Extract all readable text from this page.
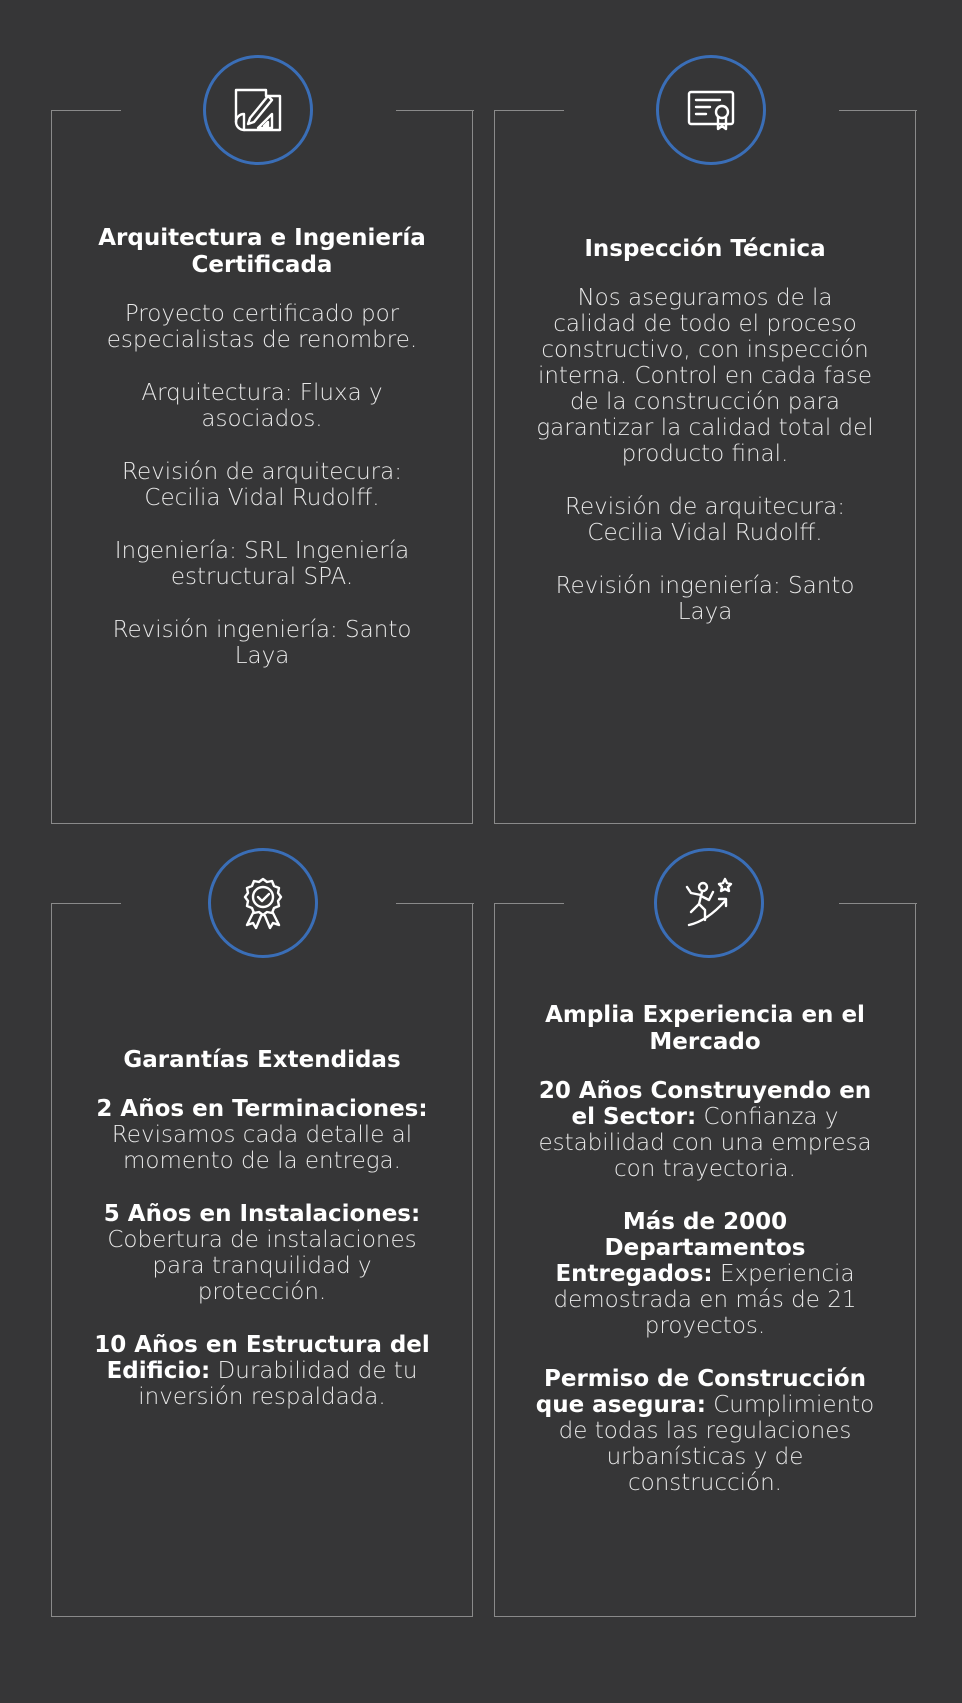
Arquitectura e Ingeniería Certificada

Proyecto certificado por especialistas de renombre.

Arquitectura: Fluxa y asociados.

Revisión de arquitecura: Cecilia Vidal Rudolff.

Ingeniería: SRL Ingeniería estructural SPA.

Revisión ingeniería: Santo Laya

Inspección Técnica

Nos aseguramos de la calidad de todo el proceso constructivo, con inspección interna. Control en cada fase de la construcción para garantizar la calidad total del producto final.

Revisión de arquitecura: Cecilia Vidal Rudolff.

Revisión ingeniería: Santo Laya

Garantías Extendidas

2 Años en Terminaciones: Revisamos cada detalle al momento de la entrega.

5 Años en Instalaciones: Cobertura de instalaciones para tranquilidad y protección.

10 Años en Estructura del Edificio: Durabilidad de tu inversión respaldada.

Amplia Experiencia en el Mercado

20 Años Construyendo en el Sector: Confianza y estabilidad con una empresa con trayectoria.

Más de 2000 Departamentos Entregados: Experiencia demostrada en más de 21 proyectos.

Permiso de Construcción que asegura: Cumplimiento de todas las regulaciones urbanísticas y de construcción.
